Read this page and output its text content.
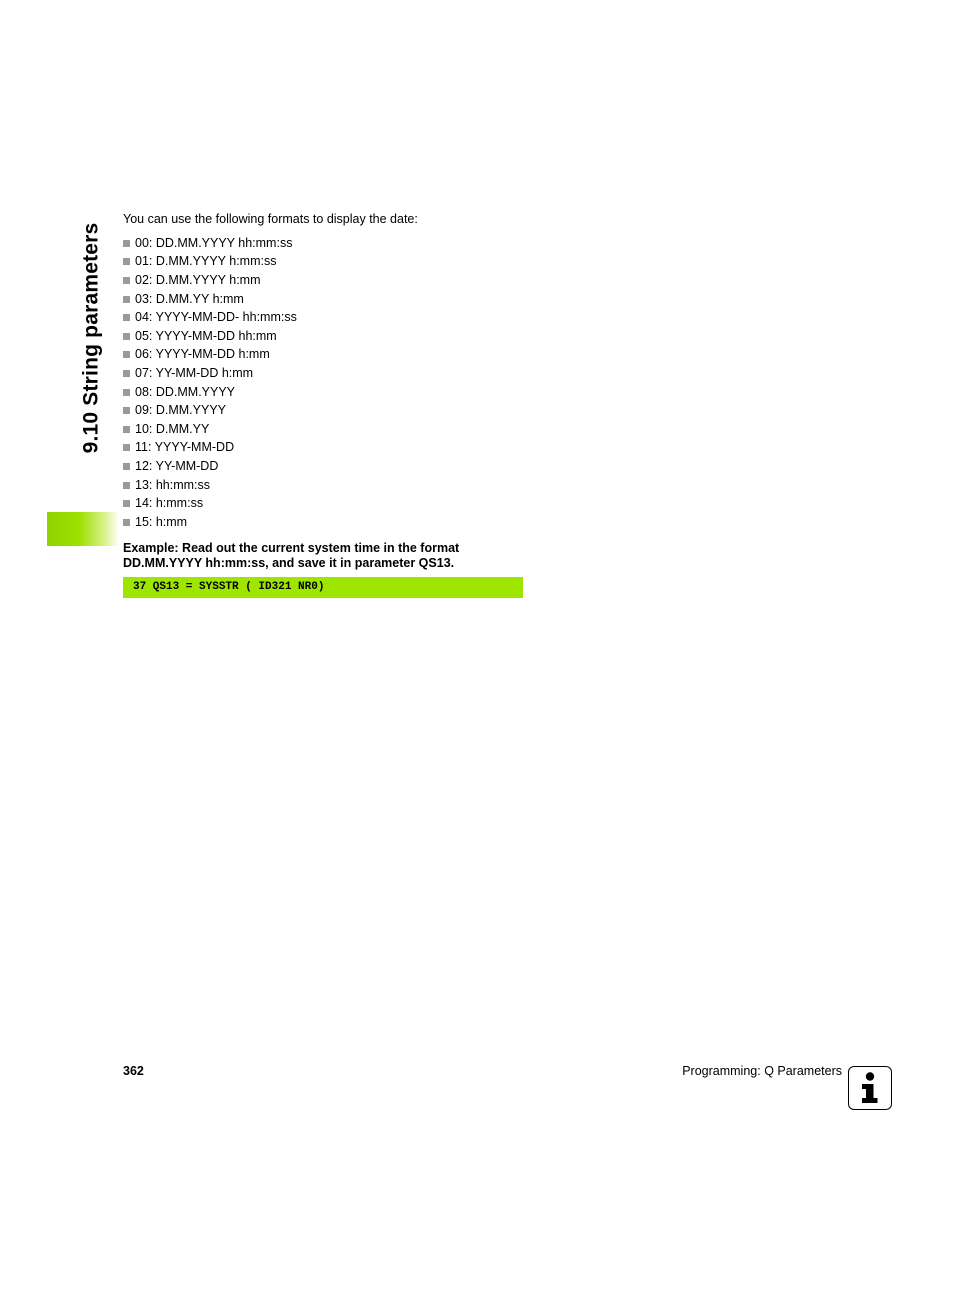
9.10 String parameters
You can use the following formats to display the date:
00: DD.MM.YYYY hh:mm:ss
01: D.MM.YYYY h:mm:ss
02: D.MM.YYYY h:mm
03: D.MM.YY h:mm
04: YYYY-MM-DD- hh:mm:ss
05: YYYY-MM-DD hh:mm
06: YYYY-MM-DD h:mm
07: YY-MM-DD h:mm
08: DD.MM.YYYY
09: D.MM.YYYY
10: D.MM.YY
11: YYYY-MM-DD
12: YY-MM-DD
13: hh:mm:ss
14: h:mm:ss
15: h:mm
Example: Read out the current system time in the format
DD.MM.YYYY hh:mm:ss, and save it in parameter QS13.
37 QS13 = SYSSTR ( ID321 NR0)
362	Programming: Q Parameters
